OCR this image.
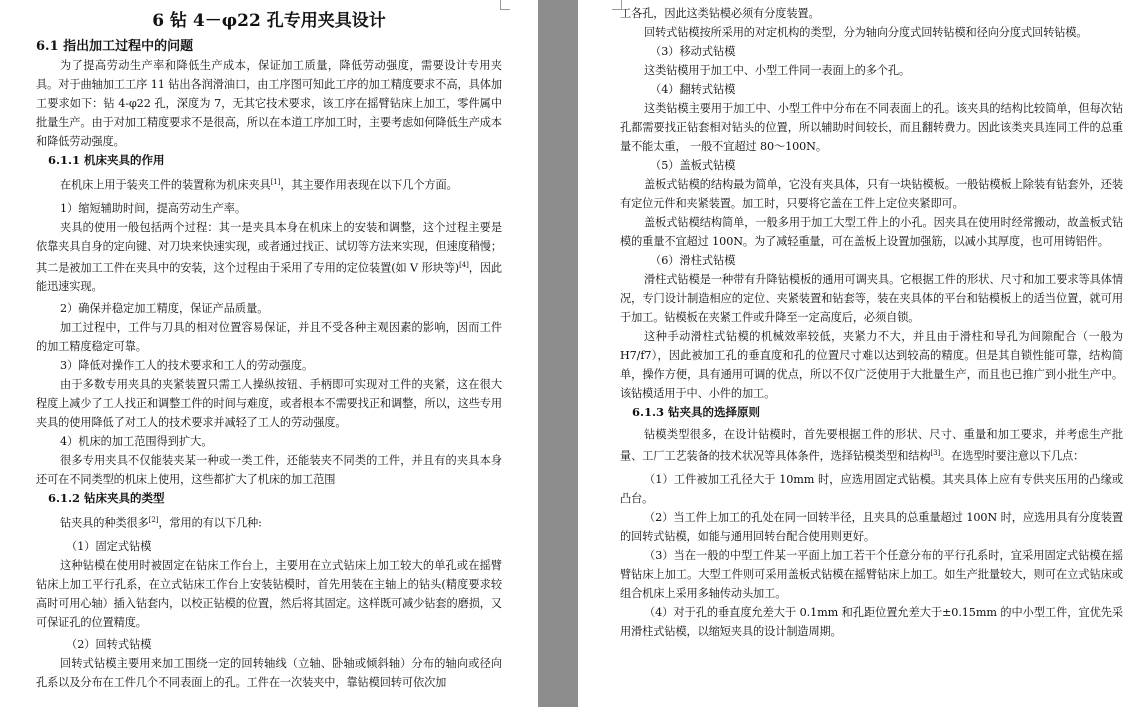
6 钻 4－φ22 孔专用夹具设计
6.1 指出加工过程中的问题

为了提高劳动生产率和降低生产成本，保证加工质量，降低劳动强度，需要设计专用夹具。对于曲轴加工工序 11 钻出各润滑油口，由工序图可知此工序的加工精度要求不高，具体加工要求如下：钻 4-φ22 孔，深度为 7，无其它技术要求，该工序在摇臂钻床上加工，零件属中批量生产。由于对加工精度要求不是很高，所以在本道工序加工时，主要考虑如何降低生产成本和降低劳动强度。

6.1.1 机床夹具的作用

在机床上用于装夹工件的装置称为机床夹具[1]，其主要作用表现在以下几个方面。

1）缩短辅助时间，提高劳动生产率。

夹具的使用一般包括两个过程：其一是夹具本身在机床上的安装和调整，这个过程主要是依靠夹具自身的定向键、对刀块来快速实现，或者通过找正、试切等方法来实现，但速度稍慢；其二是被加工工件在夹具中的安装，这个过程由于采用了专用的定位装置(如 V 形块等)[4]，因此能迅速实现。

2）确保并稳定加工精度，保证产品质量。

加工过程中，工件与刀具的相对位置容易保证，并且不受各种主观因素的影响，因而工件的加工精度稳定可靠。

3）降低对操作工人的技术要求和工人的劳动强度。

由于多数专用夹具的夹紧装置只需工人操纵按钮、手柄即可实现对工件的夹紧，这在很大程度上减少了工人找正和调整工件的时间与难度，或者根本不需要找正和调整，所以，这些专用夹具的使用降低了对工人的技术要求并减轻了工人的劳动强度。

4）机床的加工范围得到扩大。

很多专用夹具不仅能装夹某一种或一类工件，还能装夹不同类的工件，并且有的夹具本身还可在不同类型的机床上使用，这些都扩大了机床的加工范围

6.1.2 钻床夹具的类型

钻夹具的种类很多[2]，常用的有以下几种:

（1）固定式钻模

这种钻模在使用时被固定在钻床工作台上，主要用在立式钻床上加工较大的单孔或在摇臂钻床上加工平行孔系，在立式钻床工作台上安装钻模时，首先用装在主轴上的钻头(精度要求较高时可用心轴）插入钻套内，以校正钻模的位置，然后将其固定。这样既可减少钻套的磨损，又可保证孔的位置精度。

（2）回转式钻模

回转式钻模主要用来加工围绕一定的回转轴线（立轴、卧轴或倾斜轴）分布的轴向或径向孔系以及分布在工件几个不同表面上的孔。工件在一次装夹中，靠钻模回转可依次加

工各孔，因此这类钻模必须有分度装置。

回转式钻模按所采用的对定机构的类型，分为轴向分度式回转钻模和径向分度式回转钻模。

（3）移动式钻模

这类钻模用于加工中、小型工件同一表面上的多个孔。

（4）翻转式钻模

这类钻模主要用于加工中、小型工件中分布在不同表面上的孔。该夹具的结构比较简单，但每次钻孔都需要找正钻套相对钻头的位置，所以辅助时间较长，而且翻转费力。因此该类夹具连同工件的总重量不能太重， 一般不宜超过 80～100N。

（5）盖板式钻模

盖板式钻模的结构最为简单，它没有夹具体，只有一块钻模板。一般钻模板上除装有钻套外，还装有定位元件和夹紧装置。加工时，只要将它盖在工件上定位夹紧即可。

盖板式钻模结构简单，一般多用于加工大型工件上的小孔。因夹具在使用时经常搬动，故盖板式钻模的重量不宜超过 100N。为了减轻重量，可在盖板上设置加强筋，以减小其厚度，也可用铸铝件。

（6）滑柱式钻模

滑柱式钻模是一种带有升降钻模板的通用可调夹具。它根据工件的形状、尺寸和加工要求等具体情况，专门设计制造相应的定位、夹紧装置和钻套等，装在夹具体的平台和钻模板上的适当位置，就可用于加工。钻模板在夹紧工件或升降至一定高度后，必须自锁。

这种手动滑柱式钻模的机械效率较低，夹紧力不大，并且由于滑柱和导孔为间隙配合（一般为 H7/f7），因此被加工孔的垂直度和孔的位置尺寸难以达到较高的精度。但是其自锁性能可靠，结构简单，操作方便，具有通用可调的优点，所以不仅广泛使用于大批量生产，而且也已推广到小批生产中。该钻模适用于中、小件的加工。

6.1.3 钻夹具的选择原则

钻模类型很多，在设计钻模时，首先要根据工件的形状、尺寸、重量和加工要求，并考虑生产批量、工厂工艺装备的技术状况等具体条件，选择钻模类型和结构[3]。在选型时要注意以下几点：

（1）工件被加工孔径大于 10mm 时，应选用固定式钻模。其夹具体上应有专供夹压用的凸缘或凸台。

（2）当工件上加工的孔处在同一回转半径，且夹具的总重量超过 100N 时，应选用具有分度装置的回转式钻模，如能与通用回转台配合使用则更好。

（3）当在一般的中型工件某一平面上加工若干个任意分布的平行孔系时，宜采用固定式钻模在摇臂钻床上加工。大型工件则可采用盖板式钻模在摇臂钻床上加工。如生产批量较大，则可在立式钻床或组合机床上采用多轴传动头加工。

（4）对于孔的垂直度允差大于 0.1mm 和孔距位置允差大于±0.15mm 的中小型工件，宜优先采用滑柱式钻模，以缩短夹具的设计制造周期。
